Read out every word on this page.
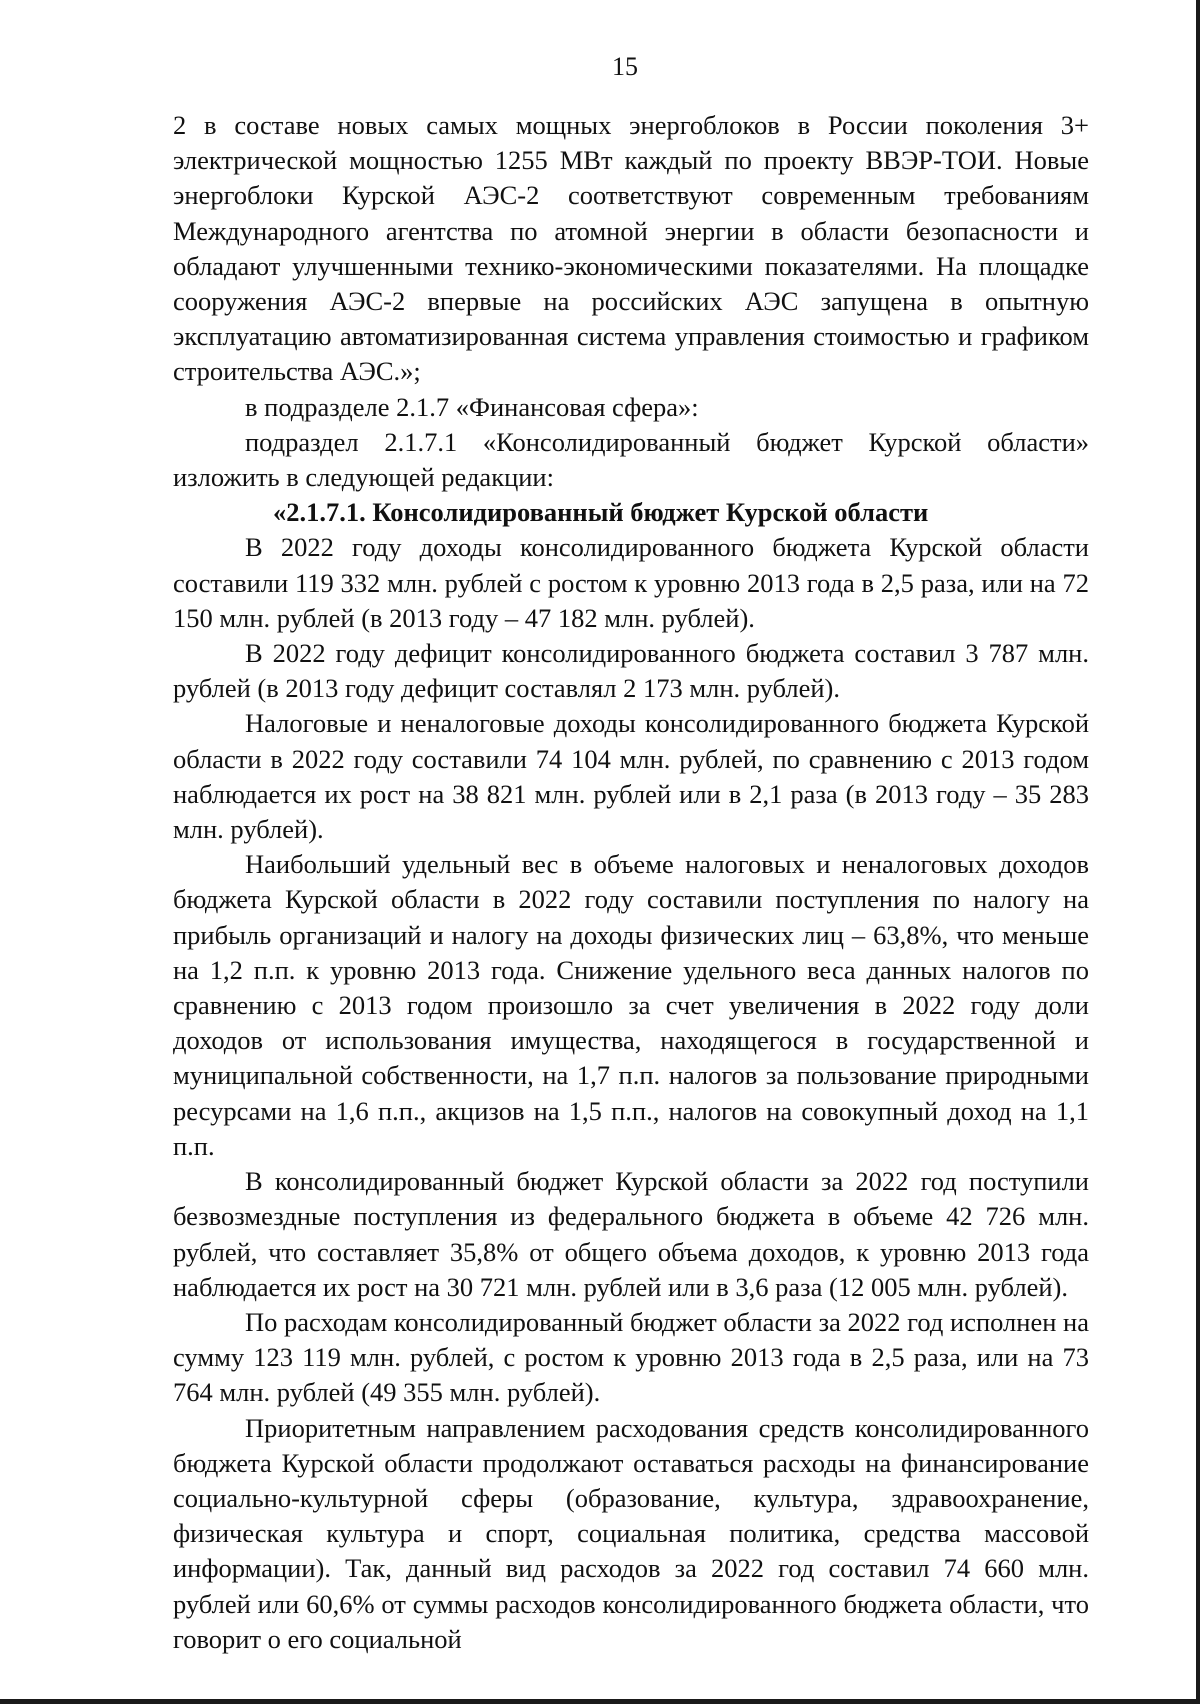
15

2 в составе новых самых мощных энергоблоков в России поколения 3+ электрической мощностью 1255 МВт каждый по проекту ВВЭР-ТОИ. Новые энергоблоки Курской АЭС-2 соответствуют современным требованиям Международного агентства по атомной энергии в области безопасности и обладают улучшенными технико-экономическими показателями. На площадке сооружения АЭС-2 впервые на российских АЭС запущена в опытную эксплуатацию автоматизированная система управления стоимостью и графиком строительства АЭС.»;

в подразделе 2.1.7 «Финансовая сфера»:

подраздел 2.1.7.1 «Консолидированный бюджет Курской области» изложить в следующей редакции:

«2.1.7.1. Консолидированный бюджет Курской области

В 2022 году доходы консолидированного бюджета Курской области составили 119 332 млн. рублей с ростом к уровню 2013 года в 2,5 раза, или на 72 150 млн. рублей (в 2013 году – 47 182 млн. рублей).

В 2022 году дефицит консолидированного бюджета составил 3 787 млн. рублей (в 2013 году дефицит составлял 2 173 млн. рублей).

Налоговые и неналоговые доходы консолидированного бюджета Курской области в 2022 году составили 74 104 млн. рублей, по сравнению с 2013 годом наблюдается их рост на 38 821 млн. рублей или в 2,1 раза (в 2013 году – 35 283 млн. рублей).

Наибольший удельный вес в объеме налоговых и неналоговых доходов бюджета Курской области в 2022 году составили поступления по налогу на прибыль организаций и налогу на доходы физических лиц – 63,8%, что меньше на 1,2 п.п. к уровню 2013 года. Снижение удельного веса данных налогов по сравнению с 2013 годом произошло за счет увеличения в 2022 году доли доходов от использования имущества, находящегося в государственной и муниципальной собственности, на 1,7 п.п. налогов за пользование природными ресурсами на 1,6 п.п., акцизов на 1,5 п.п., налогов на совокупный доход на 1,1 п.п.

В консолидированный бюджет Курской области за 2022 год поступили безвозмездные поступления из федерального бюджета в объеме 42 726 млн. рублей, что составляет 35,8% от общего объема доходов, к уровню 2013 года наблюдается их рост на 30 721 млн. рублей или в 3,6 раза (12 005 млн. рублей).

По расходам консолидированный бюджет области за 2022 год исполнен на сумму 123 119 млн. рублей, с ростом к уровню 2013 года в 2,5 раза, или на 73 764 млн. рублей (49 355 млн. рублей).

Приоритетным направлением расходования средств консолидированного бюджета Курской области продолжают оставаться расходы на финансирование социально-культурной сферы (образование, культура, здравоохранение, физическая культура и спорт, социальная политика, средства массовой информации). Так, данный вид расходов за 2022 год составил 74 660 млн. рублей или 60,6% от суммы расходов консолидированного бюджета области, что говорит о его социальной
